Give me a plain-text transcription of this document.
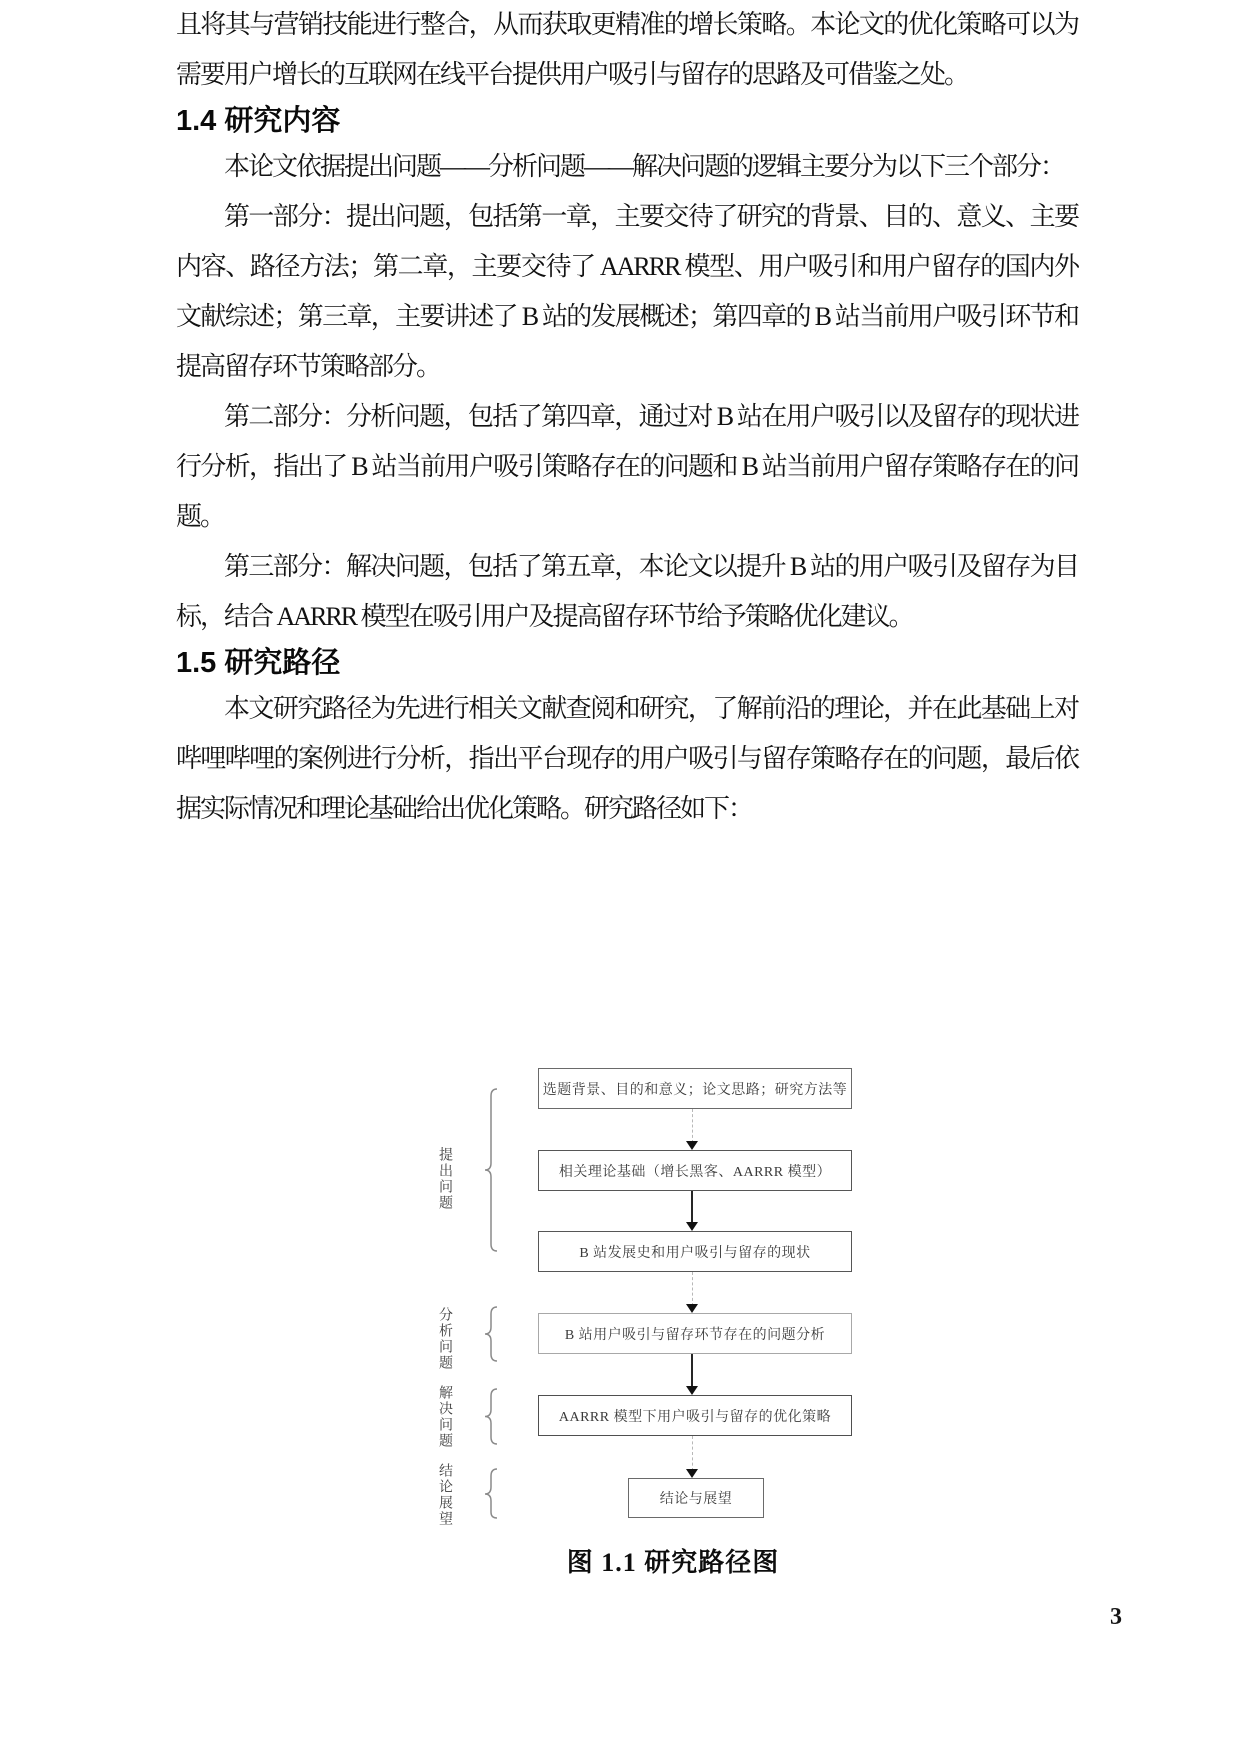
且将其与营销技能进行整合，从而获取更精准的增长策略。本论文的优化策略可以为需要用户增长的互联网在线平台提供用户吸引与留存的思路及可借鉴之处。

1.4 研究内容

本论文依据提出问题——分析问题——解决问题的逻辑主要分为以下三个部分：

第一部分：提出问题，包括第一章，主要交待了研究的背景、目的、意义、主要内容、路径方法；第二章，主要交待了 AARRR 模型、用户吸引和用户留存的国内外文献综述；第三章，主要讲述了 B 站的发展概述；第四章的 B 站当前用户吸引环节和提高留存环节策略部分。

第二部分：分析问题，包括了第四章，通过对 B 站在用户吸引以及留存的现状进行分析，指出了 B 站当前用户吸引策略存在的问题和 B 站当前用户留存策略存在的问题。

第三部分：解决问题，包括了第五章，本论文以提升 B 站的用户吸引及留存为目标，结合 AARRR 模型在吸引用户及提高留存环节给予策略优化建议。

1.5 研究路径

本文研究路径为先进行相关文献查阅和研究，了解前沿的理论，并在此基础上对哔哩哔哩的案例进行分析，指出平台现存的用户吸引与留存策略存在的问题，最后依据实际情况和理论基础给出优化策略。研究路径如下：

提出问题
分析问题
解决问题
结论展望
选题背景、目的和意义；论文思路；研究方法等
相关理论基础（增长黑客、AARRR 模型）
B 站发展史和用户吸引与留存的现状
B 站用户吸引与留存环节存在的问题分析
AARRR 模型下用户吸引与留存的优化策略
结论与展望
图 1.1 研究路径图
3
